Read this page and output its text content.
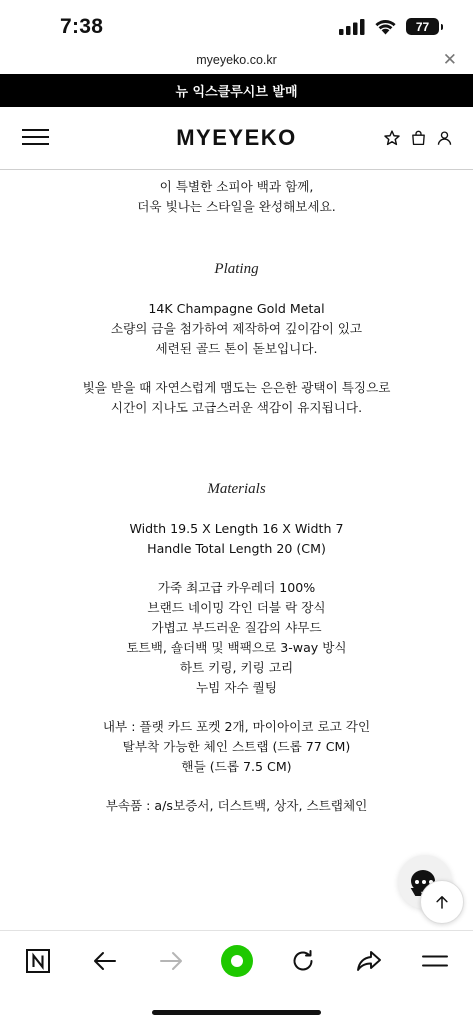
7:38	77
myeyeko.co.kr	✕
뉴 익스클루시브 발매
MYEYEKO

이 특별한 소피아 백과 함께,

더욱 빛나는 스타일을 완성해보세요.

Plating

14K Champagne Gold Metal

소량의 금을 첨가하여 제작하여 깊이감이 있고

세련된 골드 톤이 돋보입니다.

빛을 받을 때 자연스럽게 맴도는 은은한 광택이 특징으로

시간이 지나도 고급스러운 색감이 유지됩니다.

Materials

Width 19.5 X Length 16 X Width 7

Handle Total Length 20 (CM)

가죽 최고급 카우레더 100%

브랜드 네이밍 각인 더블 락 장식

가볍고 부드러운 질감의 샤무드

토트백, 숄더백 및 백팩으로 3-way 방식

하트 키링, 키링 고리

누빔 자수 퀄팅

내부 : 플랫 카드 포켓 2개, 마이아이코 로고 각인

탈부착 가능한 체인 스트랩 (드롭 77 CM)

핸들 (드롭 7.5 CM)

부속품 : a/s보증서, 더스트백, 상자, 스트랩체인
